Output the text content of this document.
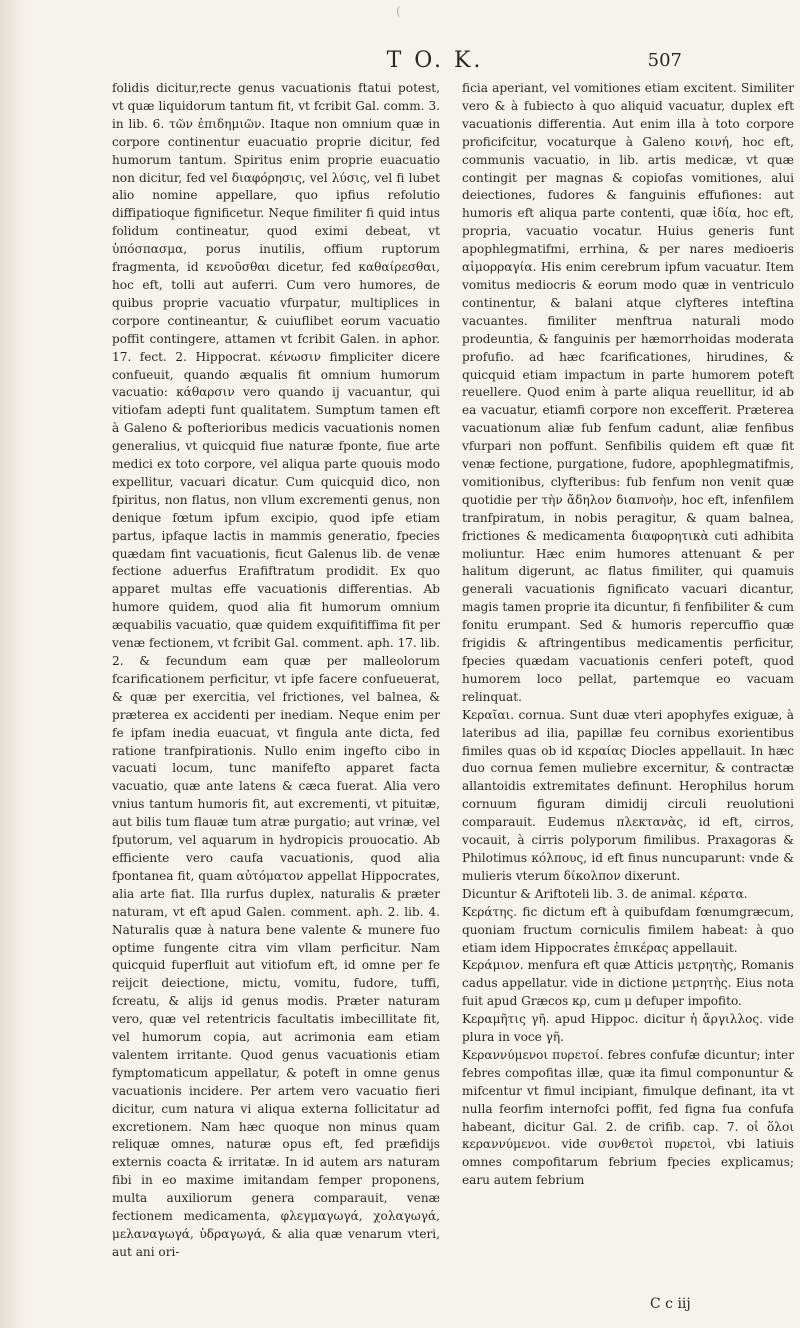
(
T O. K.	507

folidis dicitur,recte genus vacuationis ftatui potest, vt quæ liquidorum tantum fit, vt fcribit Gal. comm. 3. in lib. 6. τῶν ἐπιδημιῶν. Itaque non omnium quæ in corpore continentur euacuatio proprie dicitur, fed humorum tantum. Spiritus enim proprie euacuatio non dicitur, fed vel διαφόρησις, vel λύσις, vel fi lubet alio nomine appellare, quo ipfius refolutio diffipatioque fignificetur. Neque fimiliter fi quid intus folidum contineatur, quod eximi debeat, vt ὑπόσπασμα, porus inutilis, offium ruptorum fragmenta, id κενοῦσθαι dicetur, fed καθαίρεσθαι, hoc eft, tolli aut auferri. Cum vero humores, de quibus proprie vacuatio vfurpatur, multiplices in corpore contineantur, & cuiuflibet eorum vacuatio poffit contingere, attamen vt fcribit Galen. in aphor. 17. fect. 2. Hippocrat. κένωσιν fimpliciter dicere confueuit, quando æqualis fit omnium humorum vacuatio: κάθαρσιν vero quando ij vacuantur, qui vitiofam adepti funt qualitatem. Sumptum tamen eft à Galeno & pofterioribus medicis vacuationis nomen generalius, vt quicquid fiue naturæ fponte, fiue arte medici ex toto corpore, vel aliqua parte quouis modo expellitur, vacuari dicatur. Cum quicquid dico, non fpiritus, non flatus, non vllum excrementi genus, non denique fœtum ipfum excipio, quod ipfe etiam partus, ipfaque lactis in mammis generatio, fpecies quædam fint vacuationis, ficut Galenus lib. de venæ fectione aduerfus Erafiftratum prodidit. Ex quo apparet multas effe vacuationis differentias. Ab humore quidem, quod alia fit humorum omnium æquabilis vacuatio, quæ quidem exquifitiffima fit per venæ fectionem, vt fcribit Gal. comment. aph. 17. lib. 2. & fecundum eam quæ per malleolorum fcarificationem perficitur, vt ipfe facere confueuerat, & quæ per exercitia, vel frictiones, vel balnea, & præterea ex accidenti per inediam. Neque enim per fe ipfam inedia euacuat, vt fingula ante dicta, fed ratione tranfpirationis. Nullo enim ingefto cibo in vacuati locum, tunc manifefto apparet facta vacuatio, quæ ante latens & cæca fuerat. Alia vero vnius tantum humoris fit, aut excrementi, vt pituitæ, aut bilis tum flauæ tum atræ purgatio; aut vrinæ, vel fputorum, vel aquarum in hydropicis prouocatio. Ab efficiente vero caufa vacuationis, quod alia fpontanea fit, quam αὐτόματον appellat Hippocrates, alia arte fiat. Illa rurfus duplex, naturalis & præter naturam, vt eft apud Galen. comment. aph. 2. lib. 4. Naturalis quæ à natura bene valente & munere fuo optime fungente citra vim vllam perficitur. Nam quicquid fuperfluit aut vitiofum eft, id omne per fe reijcit deiectione, mictu, vomitu, fudore, tuffi, fcreatu, & alijs id genus modis. Præter naturam vero, quæ vel retentricis facultatis imbecillitate fit, vel humorum copia, aut acrimonia eam etiam valentem irritante. Quod genus vacuationis etiam fymptomaticum appellatur, & poteft in omne genus vacuationis incidere. Per artem vero vacuatio fieri dicitur, cum natura vi aliqua externa follicitatur ad excretionem. Nam hæc quoque non minus quam reliquæ omnes, naturæ opus eft, fed præfidijs externis coacta & irritatæ. In id autem ars naturam fibi in eo maxime imitandam femper proponens, multa auxiliorum genera comparauit, venæ fectionem medicamenta, φλεγμαγωγά, χολαγωγά, μελαναγωγά, ὑδραγωγά, & alia quæ venarum vteri, aut ani ori-

ficia aperiant, vel vomitiones etiam excitent. Similiter vero & à fubiecto à quo aliquid vacuatur, duplex eft vacuationis differentia. Aut enim illa à toto corpore proficifcitur, vocaturque à Galeno κοινή, hoc eft, communis vacuatio, in lib. artis medicæ, vt quæ contingit per magnas & copiofas vomitiones, alui deiectiones, fudores & fanguinis effufiones: aut humoris eft aliqua parte contenti, quæ ἰδία, hoc eft, propria, vacuatio vocatur. Huius generis funt apophlegmatifmi, errhina, & per nares medioeris αἱμορραγία. His enim cerebrum ipfum vacuatur. Item vomitus mediocris & eorum modo quæ in ventriculo continentur, & balani atque clyfteres inteftina vacuantes. fimiliter menftrua naturali modo prodeuntia, & fanguinis per hæmorrhoidas moderata profufio. ad hæc fcarificationes, hirudines, & quicquid etiam impactum in parte humorem poteft reuellere. Quod enim à parte aliqua reuellitur, id ab ea vacuatur, etiamfi corpore non excefferit. Præterea vacuationum aliæ fub fenfum cadunt, aliæ fenfibus vfurpari non poffunt. Senfibilis quidem eft quæ fit venæ fectione, purgatione, fudore, apophlegmatifmis, vomitionibus, clyfteribus: fub fenfum non venit quæ quotidie per τὴν ἄδηλον διαπνοὴν, hoc eft, infenfilem tranfpiratum, in nobis peragitur, & quam balnea, frictiones & medicamenta διαφορητικὰ cuti adhibita moliuntur. Hæc enim humores attenuant & per halitum digerunt, ac flatus fimiliter, qui quamuis generali vacuationis fignificato vacuari dicantur, magis tamen proprie ita dicuntur, fi fenfibiliter & cum fonitu erumpant. Sed & humoris repercuffio quæ frigidis & aftringentibus medicamentis perficitur, fpecies quædam vacuationis cenferi poteft, quod humorem loco pellat, partemque eo vacuam relinquat.

Κεραῖαι. cornua. Sunt duæ vteri apophyfes exiguæ, à lateribus ad ilia, papillæ feu cornibus exorientibus fimiles quas ob id κεραίας Diocles appellauit. In hæc duo cornua femen muliebre excernitur, & contractæ allantoidis extremitates definunt. Herophilus horum cornuum figuram dimidij circuli reuolutioni comparauit. Eudemus πλεκτανὰς, id eft, cirros, vocauit, à cirris polyporum fimilibus. Praxagoras & Philotimus κόλπους, id eft finus nuncuparunt: vnde & mulieris vterum δίκολπον dixerunt.

Dicuntur & Ariftoteli lib. 3. de animal. κέρατα.

Κεράτης. fic dictum eft à quibufdam fœnumgræcum, quoniam fructum corniculis fimilem habeat: à quo etiam idem Hippocrates ἐπικέρας appellauit.

Κεράμιον. menfura eft quæ Atticis μετρητὴς, Romanis cadus appellatur. vide in dictione μετρητὴς. Eius nota fuit apud Græcos κρ, cum μ defuper impofito.

Κεραμῆτις γῆ. apud Hippoc. dicitur ἡ ἄργιλλος. vide plura in voce γῆ.

Κεραννύμενοι πυρετοί. febres confufæ dicuntur; inter febres compofitas illæ, quæ ita fimul componuntur & mifcentur vt fimul incipiant, fimulque definant, ita vt nulla feorfim internofci poffit, fed figna fua confufa habeant, dicitur Gal. 2. de crifib. cap. 7. οἱ ὅλοι κεραννύμενοι. vide συνθετοὶ πυρετοὶ, vbi latiuis omnes compofitarum febrium fpecies explicamus; earu autem febrium

C c iij
